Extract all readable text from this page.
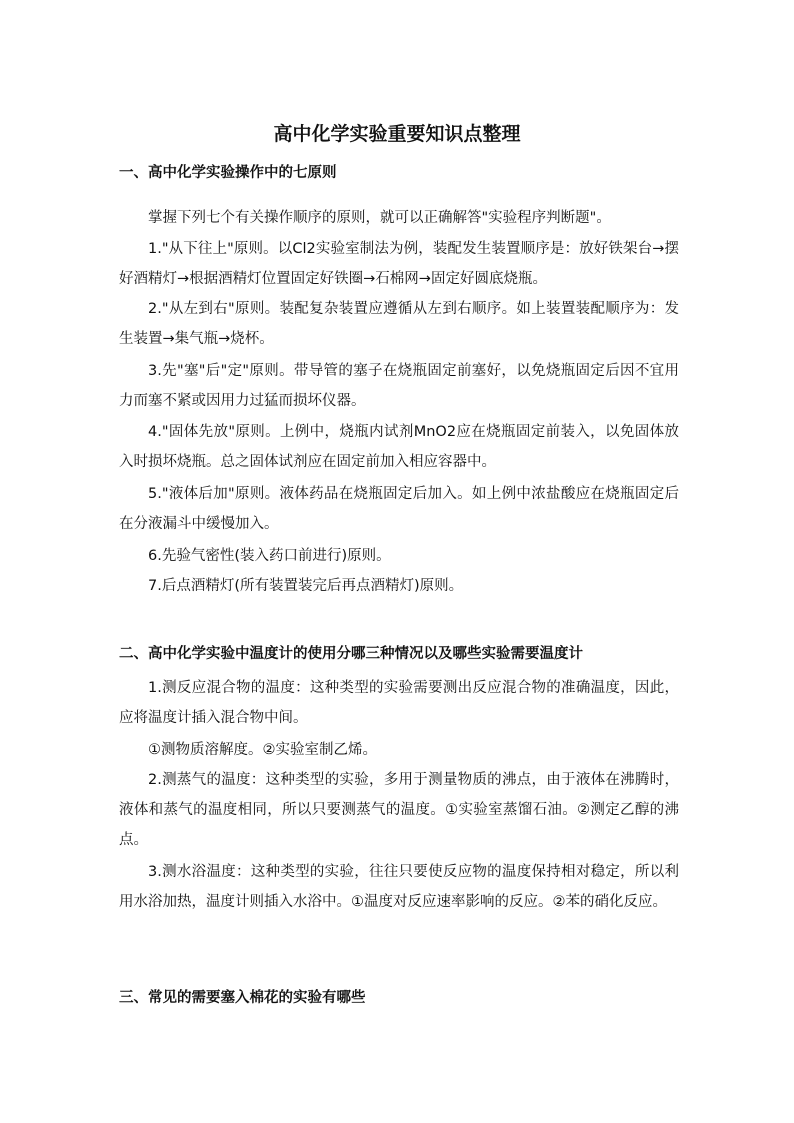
高中化学实验重要知识点整理
一、高中化学实验操作中的七原则
掌握下列七个有关操作顺序的原则，就可以正确解答"实验程序判断题"。
1."从下往上"原则。以Cl2实验室制法为例，装配发生装置顺序是：放好铁架台→摆好酒精灯→根据酒精灯位置固定好铁圈→石棉网→固定好圆底烧瓶。
2."从左到右"原则。装配复杂装置应遵循从左到右顺序。如上装置装配顺序为：发生装置→集气瓶→烧杯。
3.先"塞"后"定"原则。带导管的塞子在烧瓶固定前塞好，以免烧瓶固定后因不宜用力而塞不紧或因用力过猛而损坏仪器。
4."固体先放"原则。上例中，烧瓶内试剂MnO2应在烧瓶固定前装入，以免固体放入时损坏烧瓶。总之固体试剂应在固定前加入相应容器中。
5."液体后加"原则。液体药品在烧瓶固定后加入。如上例中浓盐酸应在烧瓶固定后在分液漏斗中缓慢加入。
6.先验气密性(装入药口前进行)原则。
7.后点酒精灯(所有装置装完后再点酒精灯)原则。
二、高中化学实验中温度计的使用分哪三种情况以及哪些实验需要温度计
1.测反应混合物的温度：这种类型的实验需要测出反应混合物的准确温度，因此，应将温度计插入混合物中间。
①测物质溶解度。②实验室制乙烯。
2.测蒸气的温度：这种类型的实验，多用于测量物质的沸点，由于液体在沸腾时，液体和蒸气的温度相同，所以只要测蒸气的温度。①实验室蒸馏石油。②测定乙醇的沸点。
3.测水浴温度：这种类型的实验，往往只要使反应物的温度保持相对稳定，所以利用水浴加热，温度计则插入水浴中。①温度对反应速率影响的反应。②苯的硝化反应。
三、常见的需要塞入棉花的实验有哪些
